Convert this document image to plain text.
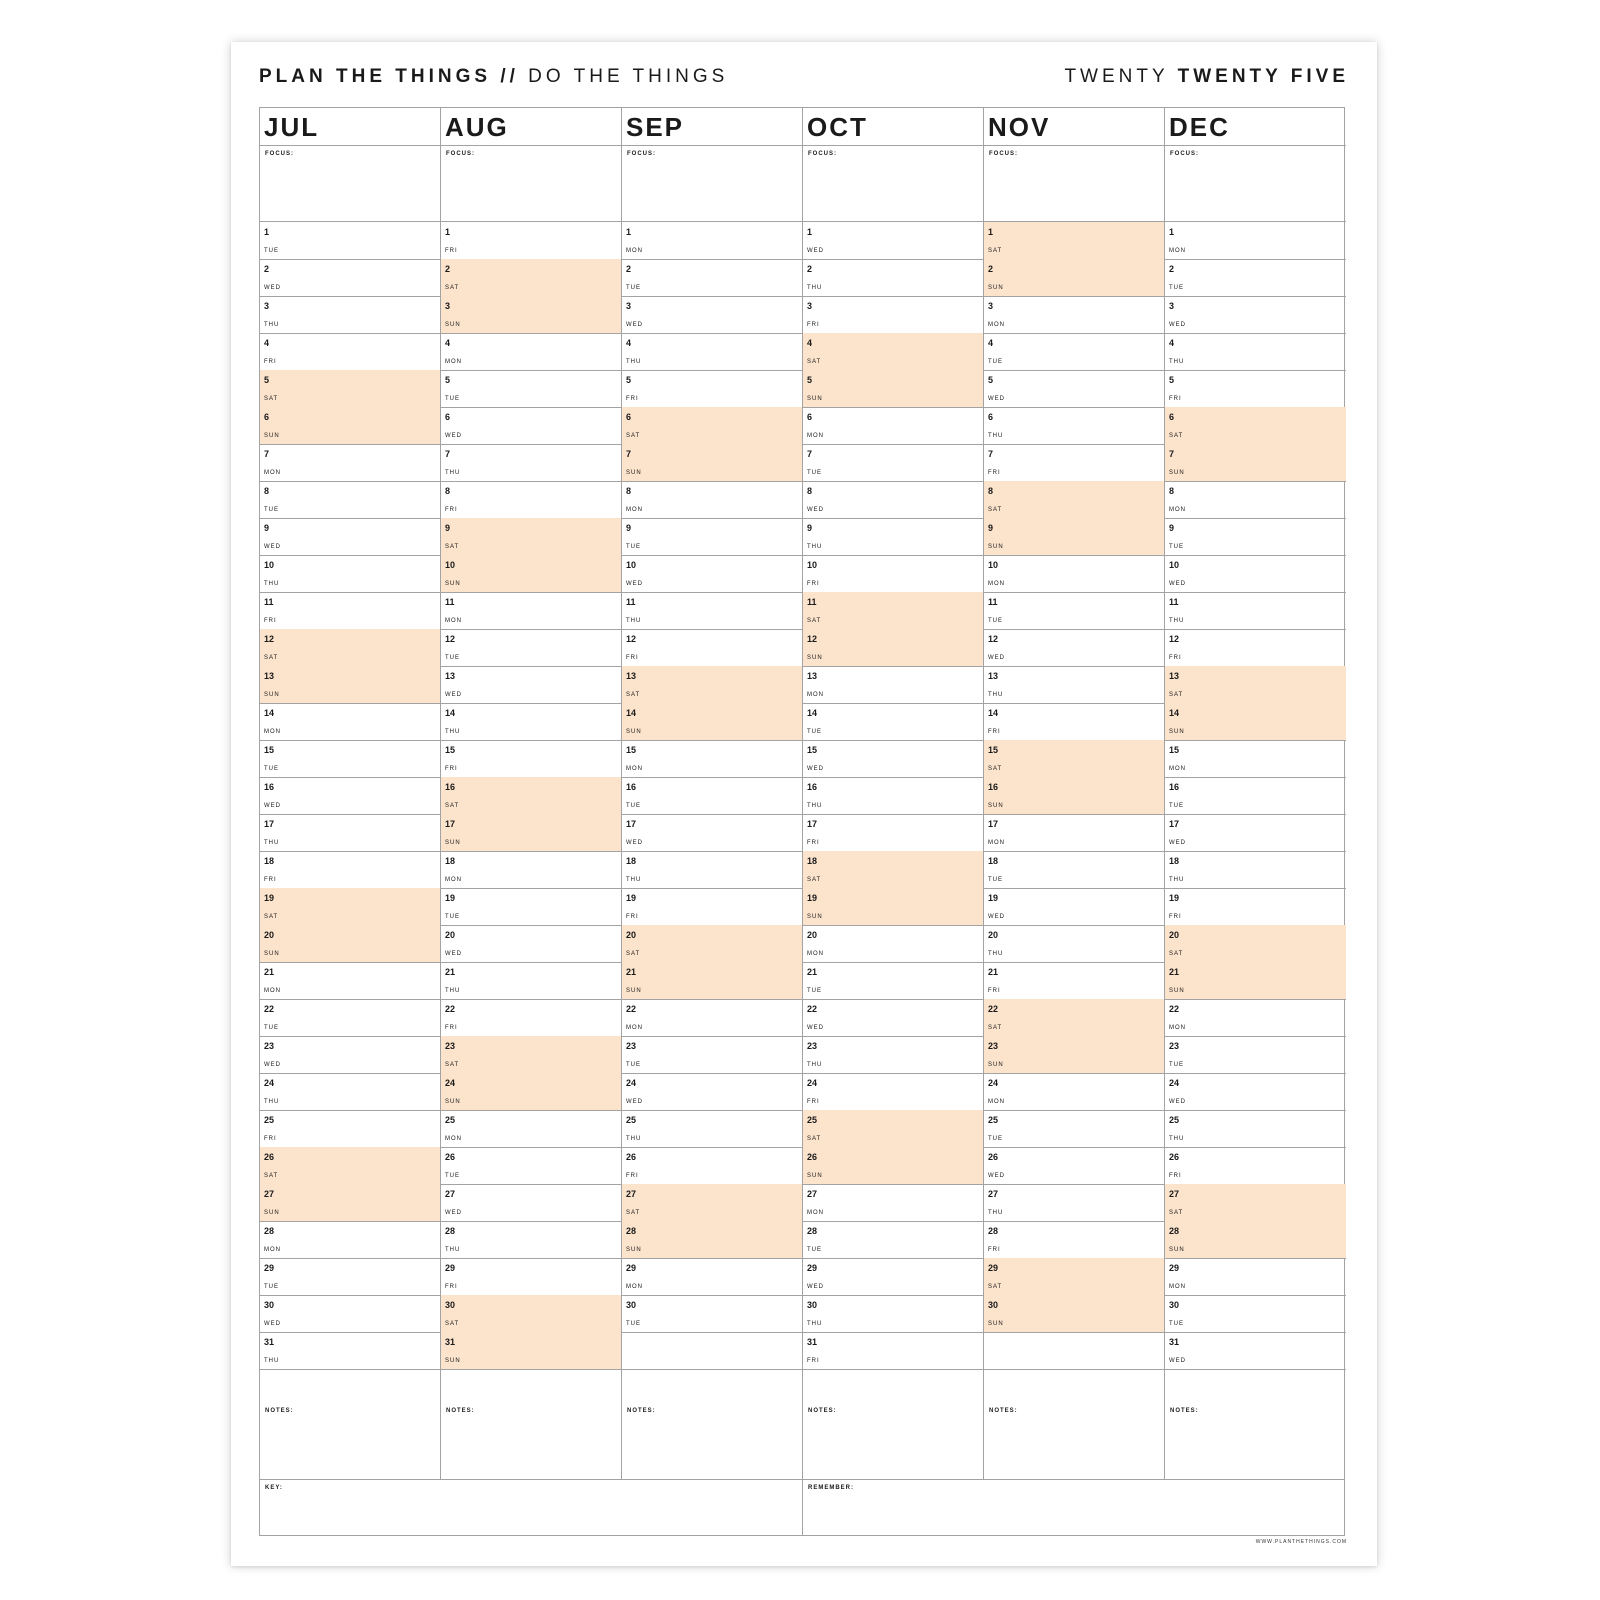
PLAN THE THINGS // DO THE THINGS	TWENTY TWENTY FIVE
KEY:	REMEMBER:
JUL
FOCUS:
1
TUE
2
WED
3
THU
4
FRI
5
SAT
6
SUN
7
MON
8
TUE
9
WED
10
THU
11
FRI
12
SAT
13
SUN
14
MON
15
TUE
16
WED
17
THU
18
FRI
19
SAT
20
SUN
21
MON
22
TUE
23
WED
24
THU
25
FRI
26
SAT
27
SUN
28
MON
29
TUE
30
WED
31
THU
NOTES:
AUG
FOCUS:
1
FRI
2
SAT
3
SUN
4
MON
5
TUE
6
WED
7
THU
8
FRI
9
SAT
10
SUN
11
MON
12
TUE
13
WED
14
THU
15
FRI
16
SAT
17
SUN
18
MON
19
TUE
20
WED
21
THU
22
FRI
23
SAT
24
SUN
25
MON
26
TUE
27
WED
28
THU
29
FRI
30
SAT
31
SUN
NOTES:
SEP
FOCUS:
1
MON
2
TUE
3
WED
4
THU
5
FRI
6
SAT
7
SUN
8
MON
9
TUE
10
WED
11
THU
12
FRI
13
SAT
14
SUN
15
MON
16
TUE
17
WED
18
THU
19
FRI
20
SAT
21
SUN
22
MON
23
TUE
24
WED
25
THU
26
FRI
27
SAT
28
SUN
29
MON
30
TUE
NOTES:
OCT
FOCUS:
1
WED
2
THU
3
FRI
4
SAT
5
SUN
6
MON
7
TUE
8
WED
9
THU
10
FRI
11
SAT
12
SUN
13
MON
14
TUE
15
WED
16
THU
17
FRI
18
SAT
19
SUN
20
MON
21
TUE
22
WED
23
THU
24
FRI
25
SAT
26
SUN
27
MON
28
TUE
29
WED
30
THU
31
FRI
NOTES:
NOV
FOCUS:
1
SAT
2
SUN
3
MON
4
TUE
5
WED
6
THU
7
FRI
8
SAT
9
SUN
10
MON
11
TUE
12
WED
13
THU
14
FRI
15
SAT
16
SUN
17
MON
18
TUE
19
WED
20
THU
21
FRI
22
SAT
23
SUN
24
MON
25
TUE
26
WED
27
THU
28
FRI
29
SAT
30
SUN
NOTES:
DEC
FOCUS:
1
MON
2
TUE
3
WED
4
THU
5
FRI
6
SAT
7
SUN
8
MON
9
TUE
10
WED
11
THU
12
FRI
13
SAT
14
SUN
15
MON
16
TUE
17
WED
18
THU
19
FRI
20
SAT
21
SUN
22
MON
23
TUE
24
WED
25
THU
26
FRI
27
SAT
28
SUN
29
MON
30
TUE
31
WED
NOTES:
WWW.PLANTHETHINGS.COM
